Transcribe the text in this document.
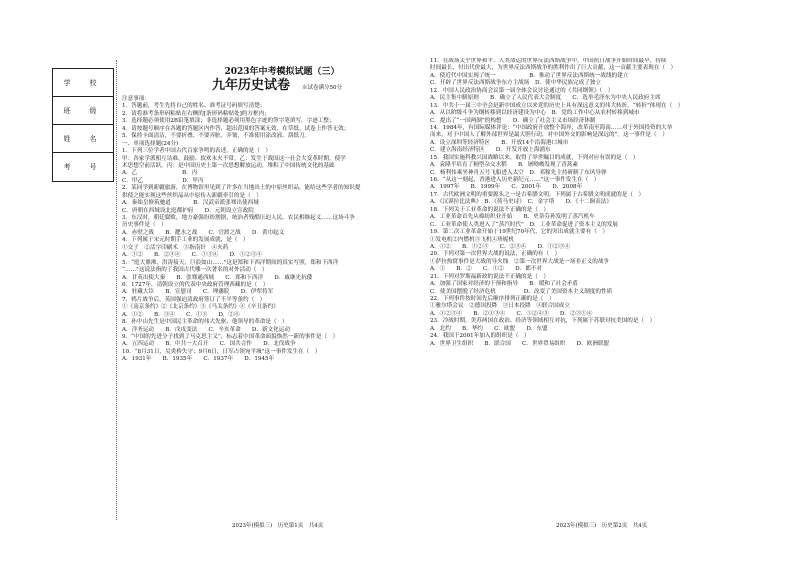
学　校
班　级
姓　名
考　号
2023年中考模拟试题（三）
九年历史试卷 ※试卷满分50分
注意事项：
1．答题前，考生先将自己的姓名、准考证号码填写清楚；
2．请将准考条形码粘贴在右侧的[条形码粘贴处]的方框内；
3．选择题必须使用2B铅笔填涂；非选择题必须用黑色字迹的签字笔填写，字迹工整；
4．请按题号顺序在各题的答题区内作答，超出范围的答案无效，在草纸、试卷上作答无效；
5．保持卡面清洁，不要折叠、不要弄脏、弄皱，不准使用涂改液、刮纸刀。
一、单项选择题(24分)
1．下列三位学者中国古代百家争鸣的表述，正确的是（　）
甲：各家学派相互诘难，鼓励、软欢永火不常。乙：发生于战国这一社会大变革时期，使学
术思想空前活跃。丙：是中国历史上第一次思想解放运动，堆积了中国传统文化的基础
A．乙　　　　　　　　B．丙
C．甲乙　　　　　　　D．甲丙
2．某同学到新疆旅游，在博物馆里见到了许多在当地出土的中原丝织品。能给这些学者的知识提
供使之能实现这些丝织品从中原传入新疆牵引的是（　）
A．秦始皇修筑驰道　　　　B．汉武帝派张骞出使西域
C．唐朝在西域设北庭都护府　　D．元朝设立宣政院
3．东汉时，朝廷腐败，地方豪强纷纷割据，统治者残酷压迫人民，农民相继起义……这场斗争
历史事件是（　）
A．赤壁之战　　B．淝水之战　　C．官渡之战　　D．黄巾起义
4．下列属于宋元时期手工业的发展成就，是（　）
①交子　②活字印刷术　③指南针　④火药
A．①②　　B．②③④　　C．①③④　　D．①②③④
5．“庭大鼎沸，洪涛接天，巨浪如山……”这是郑和下西洋期间的真实写照，郑和下西洋
“……”这说法指的了我国古代哪一次著名的对外活动（　）
A．甘英出使大秦　　B．张骞通西域　　C．郑和下西洋　　D．戚继光抗倭
6．1727年，清朝设立的代表中央政府管理西藏的是（　）
A．驻藏大臣　　B．宣慰司　　C．理藩院　　D．伊犁将军
7．鸦片战争后，英国强迫清政府签订了不平等条约（　）
①《南京条约》②《北京条约》③《马关条约》④《辛丑条约》
A．①②　　B．③④　　C．①③　　D．②④
8．孙中山先生是中国民主革命的伟大先驱，他领导的革命是（　）
A．洋务运动　　B．戊戌变法　　C．辛亥革命　　D．新文化运动
9．“中国的先进分子找到了马克思主义”，标志着中国革命面貌焕然一新的事件是（　）
A．五四运动　　B．中共一大召开　　C．国共合作　　D．北伐战争
10．“8月31日，吴炎桥失守；9月6日，日军占领宛平城”这一事件发生在（　）
A．1931年　　B．1935年　　C．1937年　　D．1945年
11．在战场关乎世界和平、人类命运的世界反法西斯战争中，中国抗日战争开始时间最早，持续
时间最长，付出代价最大，为世界反法西斯战争的胜利作出了巨大贡献，这一贡献主要表现在（　）
A．使近代中国实现了统一　　　　　　B．推动了世界反法西斯统一战线的建立
C．开辟了世界反法西斯战争东方主战场　D．使中华民族完成了独立
12．中国人民政治协商会议第一届全体会议讨论通过的《共同纲领》（　）
A．民主集中制原则　　B．确立了人民代表大会制度　　C．选举毛泽东为中央人民政府主席
13．中共十一届三中全会是新中国成立以来党的历史上具有深远意义的伟大转折，“转折”体现在（　）
A．从以阶级斗争为纲转移到以经济建设为中心　B．党的工作中心从农村转移到城市
C．提出了“一国两制”的构想　　D．确立了社会主义市场经济体制
14．1984年，有国际媒体评论：“中国政府开放整个海岸，改革南至海南……对于外国投资的大举
而来，对于中国人了解外部世界是最大胆行动，对中国外交的影响是深远的”。这一事件是（　）
A．设立深圳等经济特区　　B．开放14个沿海港口城市
C．建立海南经济特区　　D．开发开放上海浦东
15．我国实施科教兴国战略以来，取得了举世瞩目的成就，下列对应有误的是（　）
A．袁隆平培育了籼型杂交水稻　　B．屠呦呦发现了青蒿素
C．杨利伟乘坐神舟五号飞船进入太空　D．邓稼先主持研制了东风导弹
16．“从这一刻起，香港进入历史新纪元……”这一事件发生在（　）
A．1997年　　B．1999年　　C．2001年　　D．2008年
17．古代欧洲文明的重要源头之一是古希腊文明，下列属于古希腊文明成就的是（　）
A．《汉谟拉比法典》　B．《荷马史诗》　C．金字塔　　D．《十二铜表法》
18．下列关于工业革命的说法不正确的是（　）
A．工业革命首先从棉纺织业开始　　B．史蒂芬孙发明了蒸汽机车
C．工业革命使人类进入了“蒸汽时代”　D．工业革命促进了资本主义的发展
19．第二次工业革命开始于19世纪70年代，它的突出成就主要有（　）
①发电机②内燃机③飞机④珍妮机
A．①②　　B．①②③　　C．②③④　　D．①②③④
20．下列对第一次世界大战的说法，正确的有（　）
①萨拉热窝事件是大战的导火线　②第一次世界大战是一场非正义的战争
A．①　　B．②　　C．①②　　D．都不对
21．下列对罗斯福新政的说法不正确的是（　）
A．加强了国家对经济的干预和指导　　B．缓和了社会矛盾
C．使美国摆脱了经济危机　　　　　D．改变了美国资本主义制度的性质
22．下列事件按时间先后顺序排列正确的是（　）
①雅尔塔会议　②德国投降　③日本投降　④联合国成立
A．①②③④　　B．②①③④　　C．①②④③　　D．②③①④
23．冷战时期，美苏两国在政治、经济等领域相互对抗，下列属于苏联对抗美国的是（　）
A．北约　　B．华约　　C．欧盟　　D．东盟
24．我国于2001年加入的组织是（　）
A．世界卫生组织　　B．联合国　　C．世界贸易组织　　D．欧洲联盟
2023年(模拟三)　历史第1页　共4页	2023年(模拟三)　历史第2页　共4页
